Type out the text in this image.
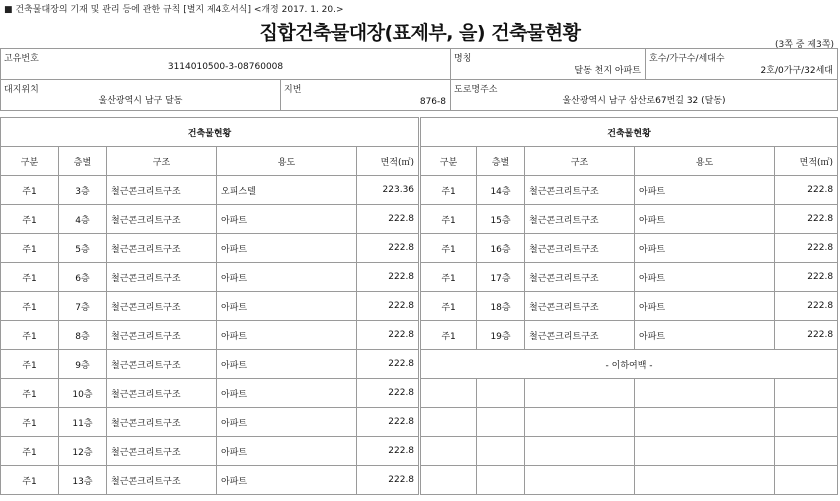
■ 건축물대장의 기재 및 관리 등에 관한 규칙 [별지 제4호서식] <개정 2017. 1. 20.>
집합건축물대장(표제부, 을) 건축물현황
(3쪽 중 제3쪽)
고유번호
3114010500-3-08760008		명칭
달동 천지 아파트	호수/가구수/세대수
2호/0가구/32세대

대지위치
울산광역시 남구 달동	지번
876-8	도로명주소
울산광역시 남구 삼산로67번길 32 (달동)	
건축물현황						건축물현황				
구분	층별	구조	용도	면적(㎡)		구분	층별	구조	용도	면적(㎡)
주1	3층	철근콘크리트구조	오피스텔	223.36		주1	14층	철근콘크리트구조	아파트	222.8
주1	4층	철근콘크리트구조	아파트	222.8		주1	15층	철근콘크리트구조	아파트	222.8
주1	5층	철근콘크리트구조	아파트	222.8		주1	16층	철근콘크리트구조	아파트	222.8
주1	6층	철근콘크리트구조	아파트	222.8		주1	17층	철근콘크리트구조	아파트	222.8
주1	7층	철근콘크리트구조	아파트	222.8		주1	18층	철근콘크리트구조	아파트	222.8
주1	8층	철근콘크리트구조	아파트	222.8		주1	19층	철근콘크리트구조	아파트	222.8
주1	9층	철근콘크리트구조	아파트	222.8		- 이하여백 -				
주1	10층	철근콘크리트구조	아파트	222.8						
주1	11층	철근콘크리트구조	아파트	222.8						
주1	12층	철근콘크리트구조	아파트	222.8						
주1	13층	철근콘크리트구조	아파트	222.8						
